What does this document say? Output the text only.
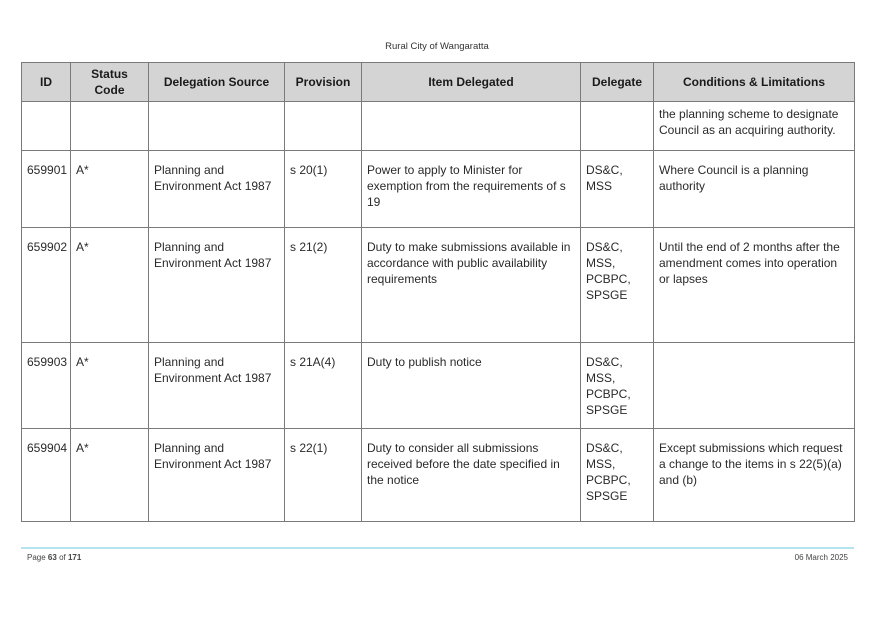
Rural City of Wangaratta
ID	Status Code	Delegation Source	Provision	Item Delegated	Delegate	Conditions & Limitations
						the planning scheme to designate Council as an acquiring authority.
659901	A*	Planning and Environment Act 1987	s 20(1)	Power to apply to Minister for exemption from the requirements of s 19	DS&C, MSS	Where Council is a planning authority
659902	A*	Planning and Environment Act 1987	s 21(2)	Duty to make submissions available in accordance with public availability requirements	DS&C, MSS, PCBPC, SPSGE	Until the end of 2 months after the amendment comes into operation or lapses
659903	A*	Planning and Environment Act 1987	s 21A(4)	Duty to publish notice	DS&C, MSS, PCBPC, SPSGE	
659904	A*	Planning and Environment Act 1987	s 22(1)	Duty to consider all submissions received before the date specified in the notice	DS&C, MSS, PCBPC, SPSGE	Except submissions which request a change to the items in s 22(5)(a) and (b)
Page 63 of 171	06 March 2025
